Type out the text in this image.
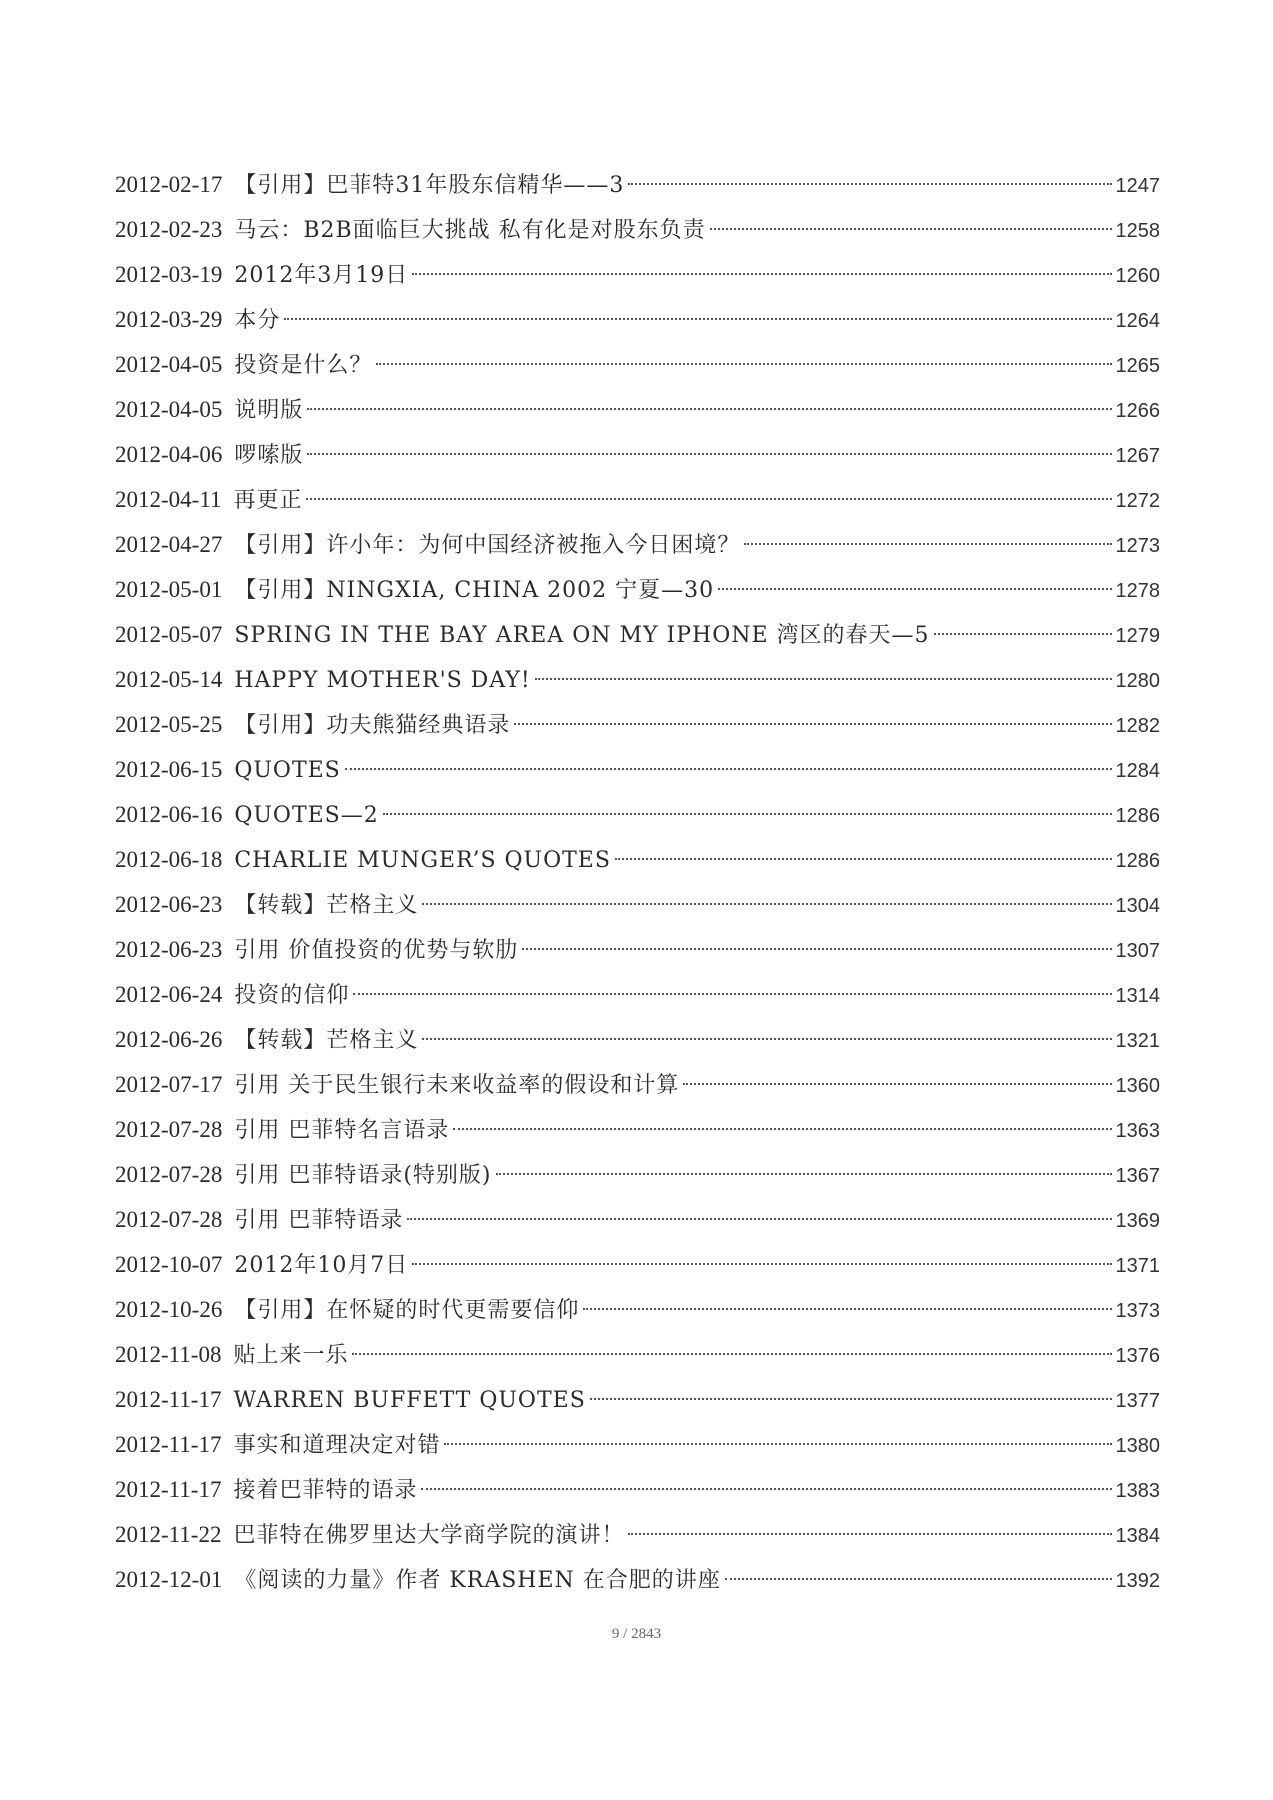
2012-02-17 【引用】巴菲特31年股东信精华——3	1247
2012-02-23 马云：B2B面临巨大挑战 私有化是对股东负责	1258
2012-03-19 2012年3月19日	1260
2012-03-29 本分	1264
2012-04-05 投资是什么？	1265
2012-04-05 说明版	1266
2012-04-06 啰嗦版	1267
2012-04-11 再更正	1272
2012-04-27 【引用】许小年：为何中国经济被拖入今日困境？	1273
2012-05-01 【引用】NINGXIA, CHINA 2002 宁夏—30	1278
2012-05-07 SPRING IN THE BAY AREA ON MY IPHONE 湾区的春天—5	1279
2012-05-14 HAPPY MOTHER'S DAY!	1280
2012-05-25 【引用】功夫熊猫经典语录	1282
2012-06-15 QUOTES	1284
2012-06-16 QUOTES—2	1286
2012-06-18 CHARLIE MUNGER’S QUOTES	1286
2012-06-23 【转载】芒格主义	1304
2012-06-23 引用 价值投资的优势与软肋	1307
2012-06-24 投资的信仰	1314
2012-06-26 【转载】芒格主义	1321
2012-07-17 引用 关于民生银行未来收益率的假设和计算	1360
2012-07-28 引用 巴菲特名言语录	1363
2012-07-28 引用 巴菲特语录(特别版)	1367
2012-07-28 引用 巴菲特语录	1369
2012-10-07 2012年10月7日	1371
2012-10-26 【引用】在怀疑的时代更需要信仰	1373
2012-11-08 贴上来一乐	1376
2012-11-17 WARREN BUFFETT QUOTES	1377
2012-11-17 事实和道理决定对错	1380
2012-11-17 接着巴菲特的语录	1383
2012-11-22 巴菲特在佛罗里达大学商学院的演讲！	1384
2012-12-01 《阅读的力量》作者 KRASHEN 在合肥的讲座	1392
9 / 2843
